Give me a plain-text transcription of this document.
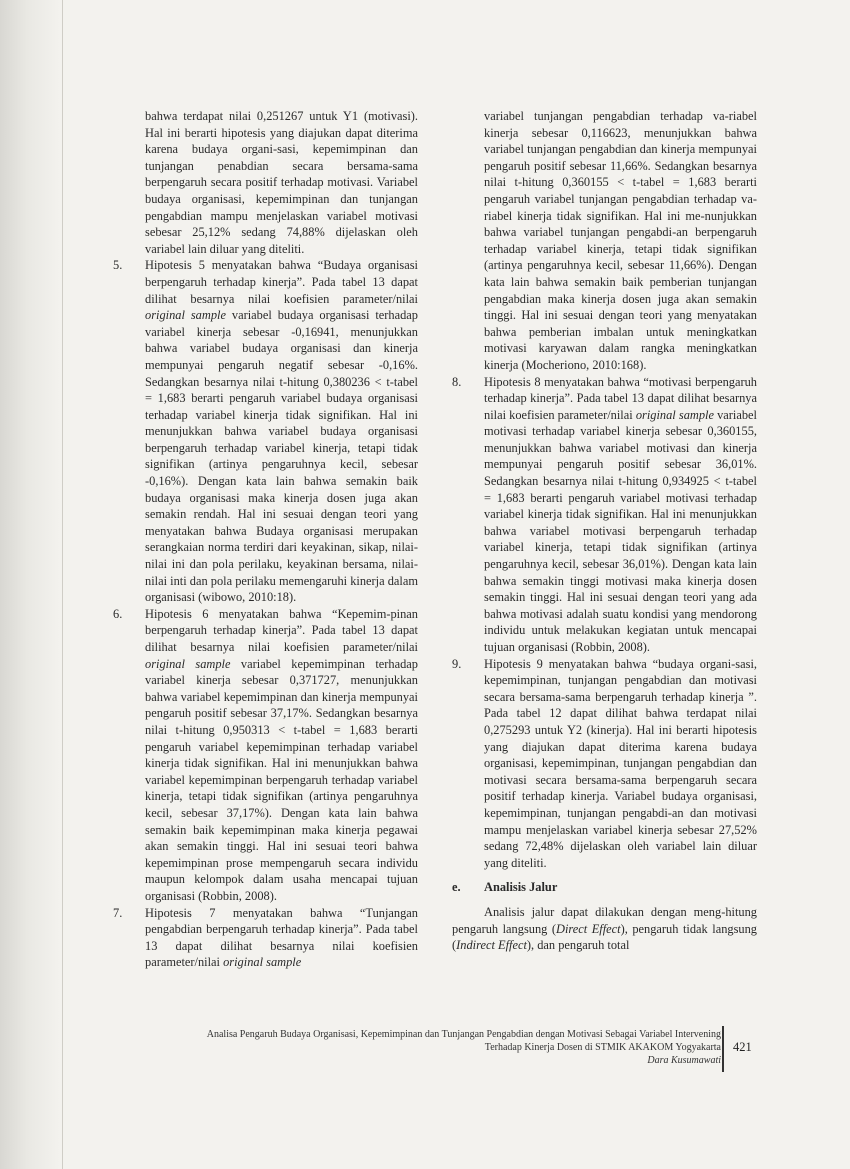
bahwa terdapat nilai 0,251267 untuk Y1 (motivasi). Hal ini berarti hipotesis yang diajukan dapat diterima karena budaya organi-sasi, kepemimpinan dan tunjangan penabdian secara bersama-sama berpengaruh secara positif terhadap motivasi. Variabel budaya organisasi, kepemimpinan dan tunjangan pengabdian mampu menjelaskan variabel motivasi sebesar 25,12% sedang 74,88% dijelaskan oleh variabel lain diluar yang diteliti.

5. Hipotesis 5 menyatakan bahwa “Budaya organisasi berpengaruh terhadap kinerja”. Pada tabel 13 dapat dilihat besarnya nilai koefisien parameter/nilai original sample variabel budaya organisasi terhadap variabel kinerja sebesar -0,16941, menunjukkan bahwa variabel budaya organisasi dan kinerja mempunyai pengaruh negatif sebesar -0,16%. Sedangkan besarnya nilai t-hitung 0,380236 < t-tabel = 1,683 berarti pengaruh variabel budaya organisasi terhadap variabel kinerja tidak signifikan. Hal ini menunjukkan bahwa variabel budaya organisasi berpengaruh terhadap variabel kinerja, tetapi tidak signifikan (artinya pengaruhnya kecil, sebesar -0,16%). Dengan kata lain bahwa semakin baik budaya organisasi maka kinerja dosen juga akan semakin rendah. Hal ini sesuai dengan teori yang menyatakan bahwa Budaya organisasi merupakan serangkaian norma terdiri dari keyakinan, sikap, nilai-nilai ini dan pola perilaku, keyakinan bersama, nilai-nilai inti dan pola perilaku memengaruhi kinerja dalam organisasi (wibowo, 2010:18).

6. Hipotesis 6 menyatakan bahwa “Kepemim-pinan berpengaruh terhadap kinerja”. Pada tabel 13 dapat dilihat besarnya nilai koefisien parameter/nilai original sample variabel kepemimpinan terhadap variabel kinerja sebesar 0,371727, menunjukkan bahwa variabel kepemimpinan dan kinerja mempunyai pengaruh positif sebesar 37,17%. Sedangkan besarnya nilai t-hitung 0,950313 < t-tabel = 1,683 berarti pengaruh variabel kepemimpinan terhadap variabel kinerja tidak signifikan. Hal ini menunjukkan bahwa variabel kepemimpinan berpengaruh terhadap variabel kinerja, tetapi tidak signifikan (artinya pengaruhnya kecil, sebesar 37,17%). Dengan kata lain bahwa semakin baik kepemimpinan maka kinerja pegawai akan semakin tinggi. Hal ini sesuai teori bahwa kepemimpinan prose mempengaruh secara individu maupun kelompok dalam usaha mencapai tujuan organisasi (Robbin, 2008).

7. Hipotesis 7 menyatakan bahwa “Tunjangan pengabdian berpengaruh terhadap kinerja”. Pada tabel 13 dapat dilihat besarnya nilai koefisien parameter/nilai original sample

variabel tunjangan pengabdian terhadap va-riabel kinerja sebesar 0,116623, menunjukkan bahwa variabel tunjangan pengabdian dan kinerja mempunyai pengaruh positif sebesar 11,66%. Sedangkan besarnya nilai t-hitung 0,360155 < t-tabel = 1,683 berarti pengaruh variabel tunjangan pengabdian terhadap va-riabel kinerja tidak signifikan. Hal ini me-nunjukkan bahwa variabel tunjangan pengabdi-an berpengaruh terhadap variabel kinerja, tetapi tidak signifikan (artinya pengaruhnya kecil, sebesar 11,66%). Dengan kata lain bahwa semakin baik pemberian tunjangan pengabdian maka kinerja dosen juga akan semakin tinggi. Hal ini sesuai dengan teori yang menyatakan bahwa pemberian imbalan untuk meningkatkan motivasi karyawan dalam rangka meningkatkan kinerja (Mocheriono, 2010:168).

8. Hipotesis 8 menyatakan bahwa “motivasi berpengaruh terhadap kinerja”. Pada tabel 13 dapat dilihat besarnya nilai koefisien parameter/nilai original sample variabel motivasi terhadap variabel kinerja sebesar 0,360155, menunjukkan bahwa variabel motivasi dan kinerja mempunyai pengaruh positif sebesar 36,01%. Sedangkan besarnya nilai t-hitung 0,934925 < t-tabel = 1,683 berarti pengaruh variabel motivasi terhadap variabel kinerja tidak signifikan. Hal ini menunjukkan bahwa variabel motivasi berpengaruh terhadap variabel kinerja, tetapi tidak signifikan (artinya pengaruhnya kecil, sebesar 36,01%). Dengan kata lain bahwa semakin tinggi motivasi maka kinerja dosen semakin tinggi. Hal ini sesuai dengan teori yang ada bahwa motivasi adalah suatu kondisi yang mendorong individu untuk melakukan kegiatan untuk mencapai tujuan organisasi (Robbin, 2008).

9. Hipotesis 9 menyatakan bahwa “budaya organi-sasi, kepemimpinan, tunjangan pengabdian dan motivasi secara bersama-sama berpengaruh terhadap kinerja ”. Pada tabel 12 dapat dilihat bahwa terdapat nilai 0,275293 untuk Y2 (kinerja). Hal ini berarti hipotesis yang diajukan dapat diterima karena budaya organisasi, kepemimpinan, tunjangan pengabdian dan motivasi secara bersama-sama berpengaruh secara positif terhadap kinerja. Variabel budaya organisasi, kepemimpinan, tunjangan pengabdi-an dan motivasi mampu menjelaskan variabel kinerja sebesar 27,52% sedang 72,48% dijelaskan oleh variabel lain diluar yang diteliti.

e. Analisis Jalur

Analisis jalur dapat dilakukan dengan meng-hitung pengaruh langsung (Direct Effect), pengaruh tidak langsung (Indirect Effect), dan pengaruh total

Analisa Pengaruh Budaya Organisasi, Kepemimpinan dan Tunjangan Pengabdian dengan Motivasi Sebagai Variabel Intervening
Terhadap Kinerja Dosen di STMIK AKAKOM Yogyakarta
Dara Kusumawati
421
